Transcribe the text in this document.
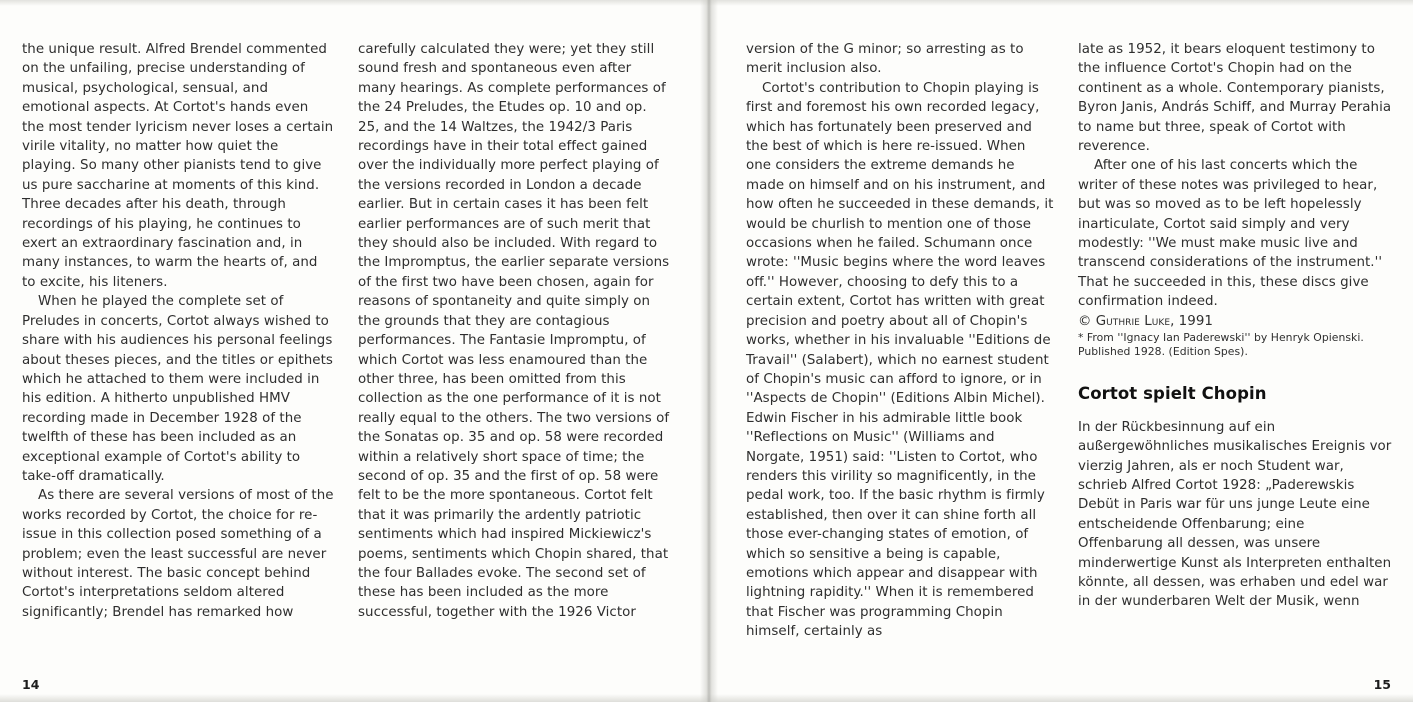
the unique result. Alfred Brendel commented on the unfailing, precise understanding of musical, psychological, sensual, and emotional aspects. At Cortot's hands even the most tender lyricism never loses a certain virile vitality, no matter how quiet the playing. So many other pianists tend to give us pure saccharine at moments of this kind. Three decades after his death, through recordings of his playing, he continues to exert an extraordinary fascination and, in many instances, to warm the hearts of, and to excite, his liteners.

When he played the complete set of Preludes in concerts, Cortot always wished to share with his audiences his personal feelings about theses pieces, and the titles or epithets which he attached to them were included in his edition. A hitherto unpublished HMV recording made in December 1928 of the twelfth of these has been included as an exceptional example of Cortot's ability to take-off dramatically.

As there are several versions of most of the works recorded by Cortot, the choice for re-issue in this collection posed something of a problem; even the least successful are never without interest. The basic concept behind Cortot's interpretations seldom altered significantly; Brendel has remarked how

carefully calculated they were; yet they still sound fresh and spontaneous even after many hearings. As complete performances of the 24 Preludes, the Etudes op. 10 and op. 25, and the 14 Waltzes, the 1942/3 Paris recordings have in their total effect gained over the individually more perfect playing of the versions recorded in London a decade earlier. But in certain cases it has been felt earlier performances are of such merit that they should also be included. With regard to the Impromptus, the earlier separate versions of the first two have been chosen, again for reasons of spontaneity and quite simply on the grounds that they are contagious performances. The Fantasie Impromptu, of which Cortot was less enamoured than the other three, has been omitted from this collection as the one performance of it is not really equal to the others. The two versions of the Sonatas op. 35 and op. 58 were recorded within a relatively short space of time; the second of op. 35 and the first of op. 58 were felt to be the more spontaneous. Cortot felt that it was primarily the ardently patriotic sentiments which had inspired Mickiewicz's poems, sentiments which Chopin shared, that the four Ballades evoke. The second set of these has been included as the more successful, together with the 1926 Victor

version of the G minor; so arresting as to merit inclusion also.

Cortot's contribution to Chopin playing is first and foremost his own recorded legacy, which has fortunately been preserved and the best of which is here re-issued. When one considers the extreme demands he made on himself and on his instrument, and how often he succeeded in these demands, it would be churlish to mention one of those occasions when he failed. Schumann once wrote: ''Music begins where the word leaves off.'' However, choosing to defy this to a certain extent, Cortot has written with great precision and poetry about all of Chopin's works, whether in his invaluable ''Editions de Travail'' (Salabert), which no earnest student of Chopin's music can afford to ignore, or in ''Aspects de Chopin'' (Editions Albin Michel). Edwin Fischer in his admirable little book ''Reflections on Music'' (Williams and Norgate, 1951) said: ''Listen to Cortot, who renders this virility so magnificently, in the pedal work, too. If the basic rhythm is firmly established, then over it can shine forth all those ever-changing states of emotion, of which so sensitive a being is capable, emotions which appear and disappear with lightning rapidity.'' When it is remembered that Fischer was programming Chopin himself, certainly as

late as 1952, it bears eloquent testimony to the influence Cortot's Chopin had on the continent as a whole. Contemporary pianists, Byron Janis, András Schiff, and Murray Perahia to name but three, speak of Cortot with reverence.

After one of his last concerts which the writer of these notes was privileged to hear, but was so moved as to be left hopelessly inarticulate, Cortot said simply and very modestly: ''We must make music live and transcend considerations of the instrument.'' That he succeeded in this, these discs give confirmation indeed.

© Guthrie Luke, 1991

* From ''Ignacy Ian Paderewski'' by Henryk Opienski. Published 1928. (Edition Spes).

Cortot spielt Chopin

In der Rückbesinnung auf ein außergewöhnliches musikalisches Ereignis vor vierzig Jahren, als er noch Student war, schrieb Alfred Cortot 1928: „Paderewskis Debüt in Paris war für uns junge Leute eine entscheidende Offenbarung; eine Offenbarung all dessen, was unsere minderwertige Kunst als Interpreten enthalten könnte, all dessen, was erhaben und edel war in der wunderbaren Welt der Musik, wenn

14	15
